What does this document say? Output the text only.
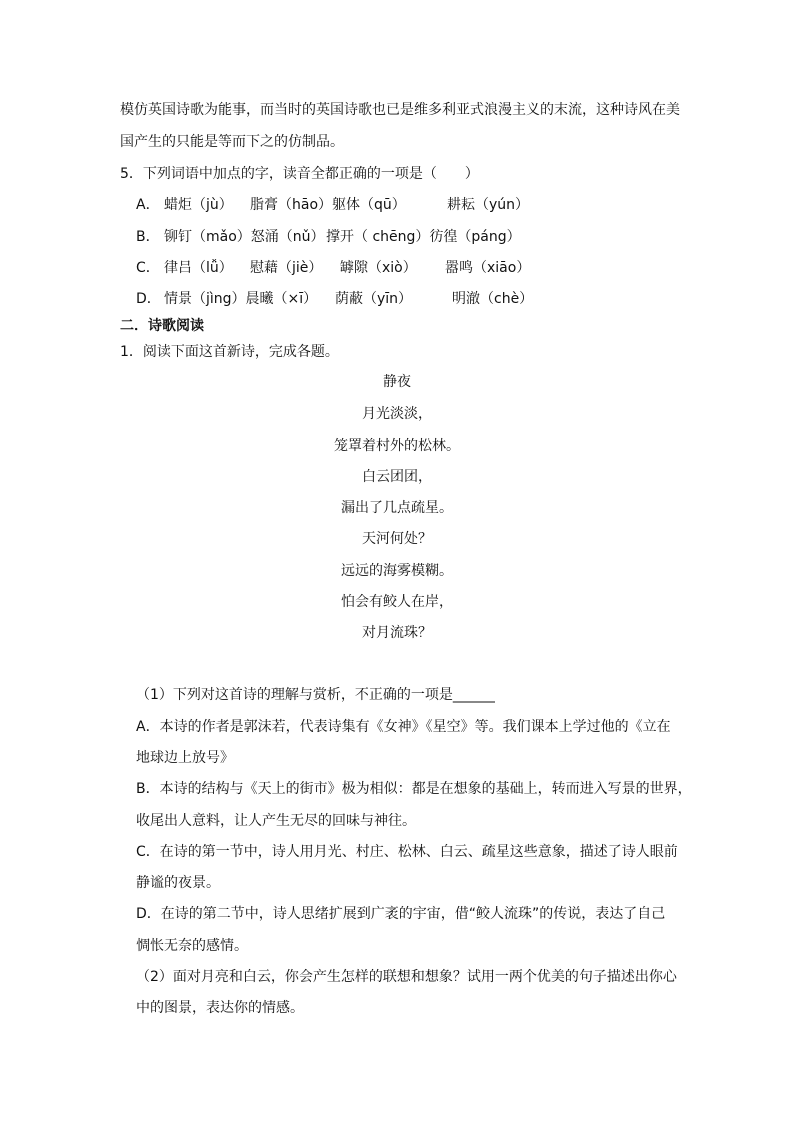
模仿英国诗歌为能事，而当时的英国诗歌也已是维多利亚式浪漫主义的末流，这种诗风在美
国产生的只能是等而下之的仿制品。
5．下列词语中加点的字，读音全都正确的一项是（　　）
A． 蜡炬（jù） 脂膏（hāo）躯体（qū）	耕耘（yún）
B． 铆钉（mǎo）怒涌（nǔ） 撑开（ chēng）彷徨（páng）
C． 律吕（lǚ） 慰藉（jiè） 罅隙（xiò） 嚣鸣（xiāo）
D． 情景（jìng）晨曦（×ī） 荫蔽（yīn）	明澈（chè）
二．诗歌阅读
1．阅读下面这首新诗，完成各题。
静夜
月光淡淡，
笼罩着村外的松林。
白云团团，
漏出了几点疏星。
天河何处？
远远的海雾模糊。
怕会有鲛人在岸，
对月流珠？
（1）下列对这首诗的理解与赏析，不正确的一项是______
A．本诗的作者是郭沫若，代表诗集有《女神》《星空》等。我们课本上学过他的《立在
地球边上放号》
B．本诗的结构与《天上的街市》极为相似：都是在想象的基础上，转而进入写景的世界，
收尾出人意料，让人产生无尽的回味与神往。
C．在诗的第一节中，诗人用月光、村庄、松林、白云、疏星这些意象，描述了诗人眼前
静谧的夜景。
D．在诗的第二节中，诗人思绪扩展到广袤的宇宙，借“鲛人流珠”的传说，表达了自己
惆怅无奈的感情。
（2）面对月亮和白云，你会产生怎样的联想和想象？试用一两个优美的句子描述出你心
中的图景，表达你的情感。
